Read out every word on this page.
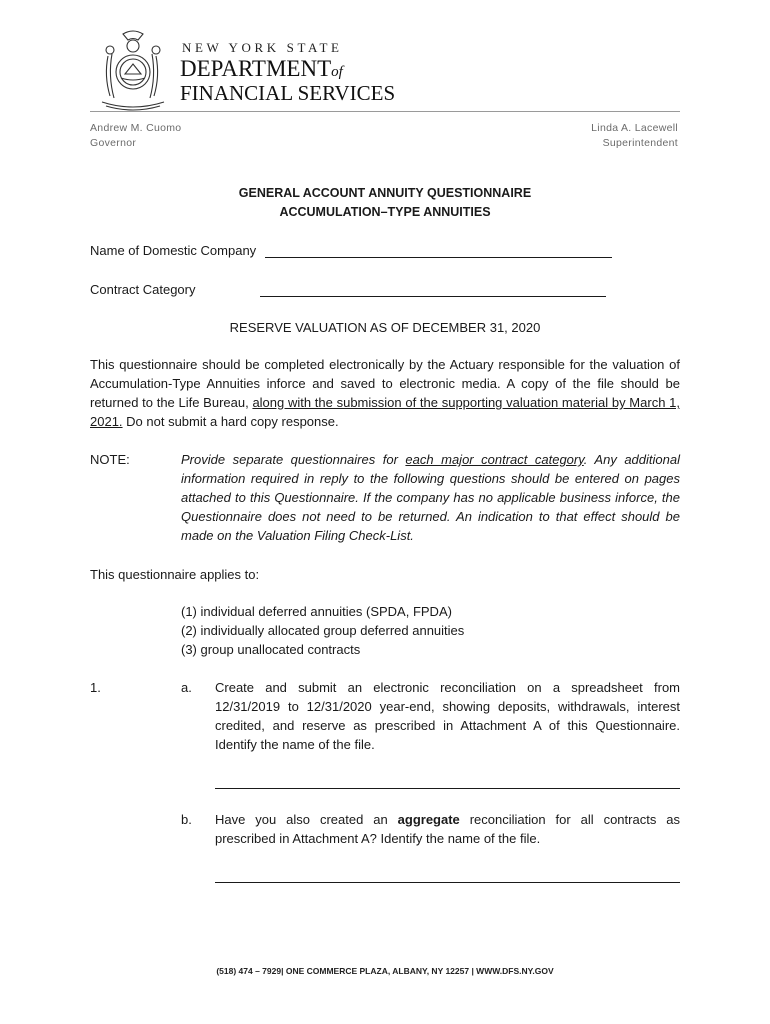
NEW YORK STATE
DEPARTMENTof
FINANCIAL SERVICES
Andrew M. Cuomo
Governor
Linda A. Lacewell
Superintendent
GENERAL ACCOUNT ANNUITY QUESTIONNAIRE
ACCUMULATION–TYPE ANNUITIES
Name of Domestic Company
Contract Category
RESERVE VALUATION AS OF DECEMBER 31, 2020
This questionnaire should be completed electronically by the Actuary responsible for the valuation of Accumulation-Type Annuities inforce and saved to electronic media. A copy of the file should be returned to the Life Bureau, along with the submission of the supporting valuation material by March 1, 2021. Do not submit a hard copy response.
NOTE:	Provide separate questionnaires for each major contract category. Any additional information required in reply to the following questions should be entered on pages attached to this Questionnaire. If the company has no applicable business inforce, the Questionnaire does not need to be returned. An indication to that effect should be made on the Valuation Filing Check-List.
This questionnaire applies to:
(1) individual deferred annuities (SPDA, FPDA)
(2) individually allocated group deferred annuities
(3) group unallocated contracts
1.	a. Create and submit an electronic reconciliation on a spreadsheet from 12/31/2019 to 12/31/2020 year-end, showing deposits, withdrawals, interest credited, and reserve as prescribed in Attachment A of this Questionnaire. Identify the name of the file.
b. Have you also created an aggregate reconciliation for all contracts as prescribed in Attachment A? Identify the name of the file.
(518) 474 – 7929| ONE COMMERCE PLAZA, ALBANY, NY 12257 | WWW.DFS.NY.GOV
